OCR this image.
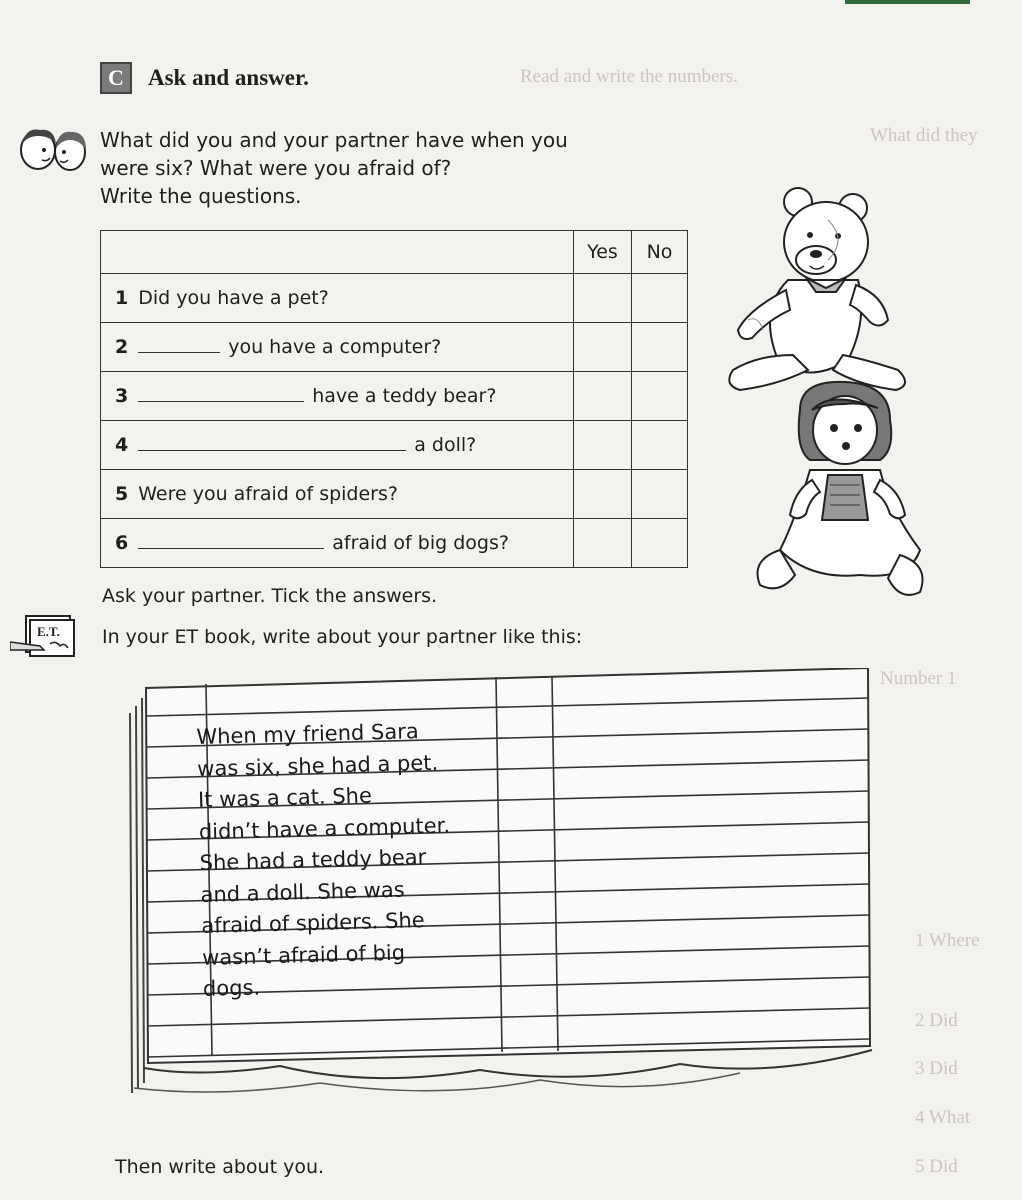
Read and write the numbers.
What did they
Number 1
1 Where
2 Did
3 Did
4 What
5 Did
C	Ask and answer.
What did you and your partner have when you
were six? What were you afraid of?
Write the questions.
	Yes	No
1 Did you have a pet?		
2 you have a computer?		
3 have a teddy bear?		
4 a doll?		
5 Were you afraid of spiders?		
6 afraid of big dogs?		
Ask your partner. Tick the answers.
In your ET book, write about your partner like this:
E.T.
When my friend Sara
was six, she had a pet.
It was a cat. She
didn’t have a computer.
She had a teddy bear
and a doll. She was
afraid of spiders. She
wasn’t afraid of big
dogs.
Then write about you.
